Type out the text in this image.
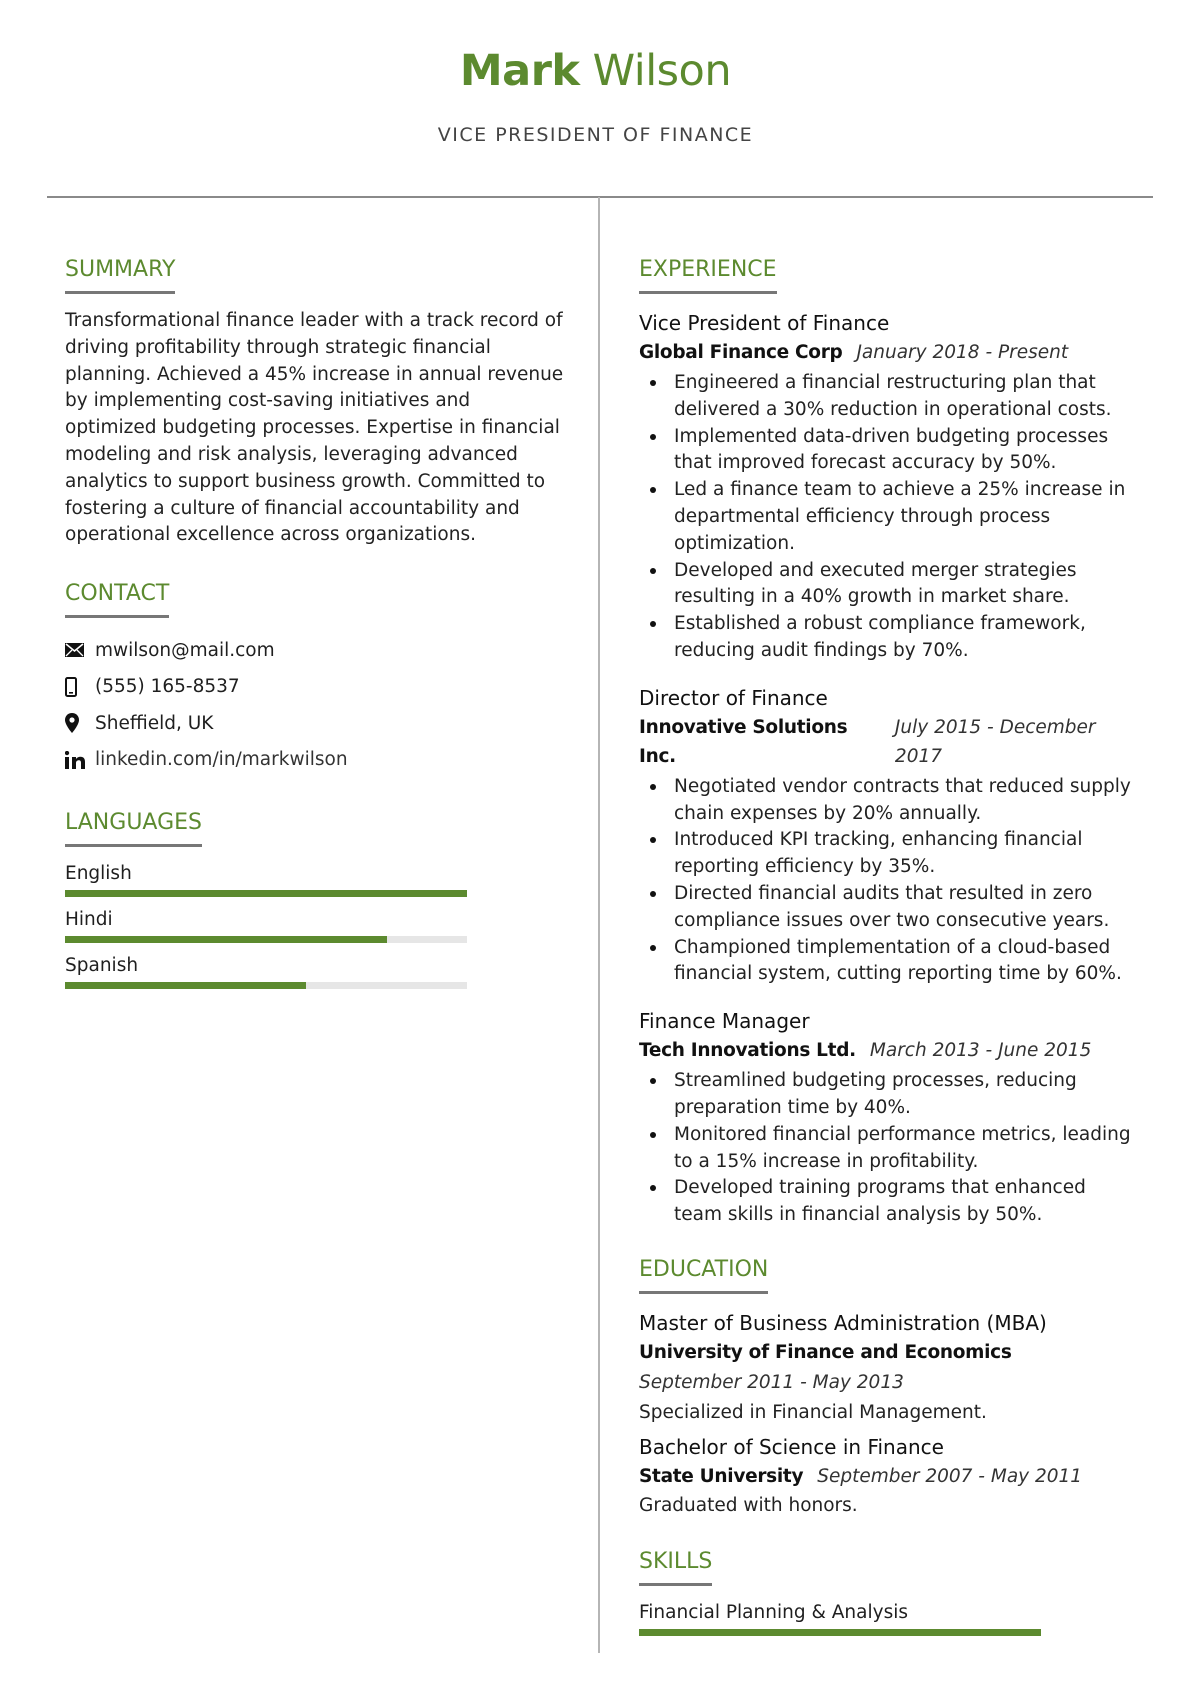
Mark Wilson
VICE PRESIDENT OF FINANCE
SUMMARY
Transformational finance leader with a track record of driving profitability through strategic financial planning. Achieved a 45% increase in annual revenue by implementing cost-saving initiatives and optimized budgeting processes. Expertise in financial modeling and risk analysis, leveraging advanced analytics to support business growth. Committed to fostering a culture of financial accountability and operational excellence across organizations.
CONTACT
mwilson@mail.com
(555) 165-8537
Sheffield, UK
linkedin.com/in/markwilson
LANGUAGES
English
Hindi
Spanish
EXPERIENCE
Vice President of Finance
Global Finance Corp January 2018 - Present
Engineered a financial restructuring plan that delivered a 30% reduction in operational costs.
Implemented data-driven budgeting processes that improved forecast accuracy by 50%.
Led a finance team to achieve a 25% increase in departmental efficiency through process optimization.
Developed and executed merger strategies resulting in a 40% growth in market share.
Established a robust compliance framework, reducing audit findings by 70%.
Director of Finance
Innovative Solutions Inc.
July 2015 - December 2017
Negotiated vendor contracts that reduced supply chain expenses by 20% annually.
Introduced KPI tracking, enhancing financial reporting efficiency by 35%.
Directed financial audits that resulted in zero compliance issues over two consecutive years.
Championed timplementation of a cloud-based financial system, cutting reporting time by 60%.
Finance Manager
Tech Innovations Ltd. March 2013 - June 2015
Streamlined budgeting processes, reducing preparation time by 40%.
Monitored financial performance metrics, leading to a 15% increase in profitability.
Developed training programs that enhanced team skills in financial analysis by 50%.
EDUCATION
Master of Business Administration (MBA)
University of Finance and Economics
September 2011 - May 2013
Specialized in Financial Management.
Bachelor of Science in Finance
State University September 2007 - May 2011
Graduated with honors.
SKILLS
Financial Planning & Analysis
